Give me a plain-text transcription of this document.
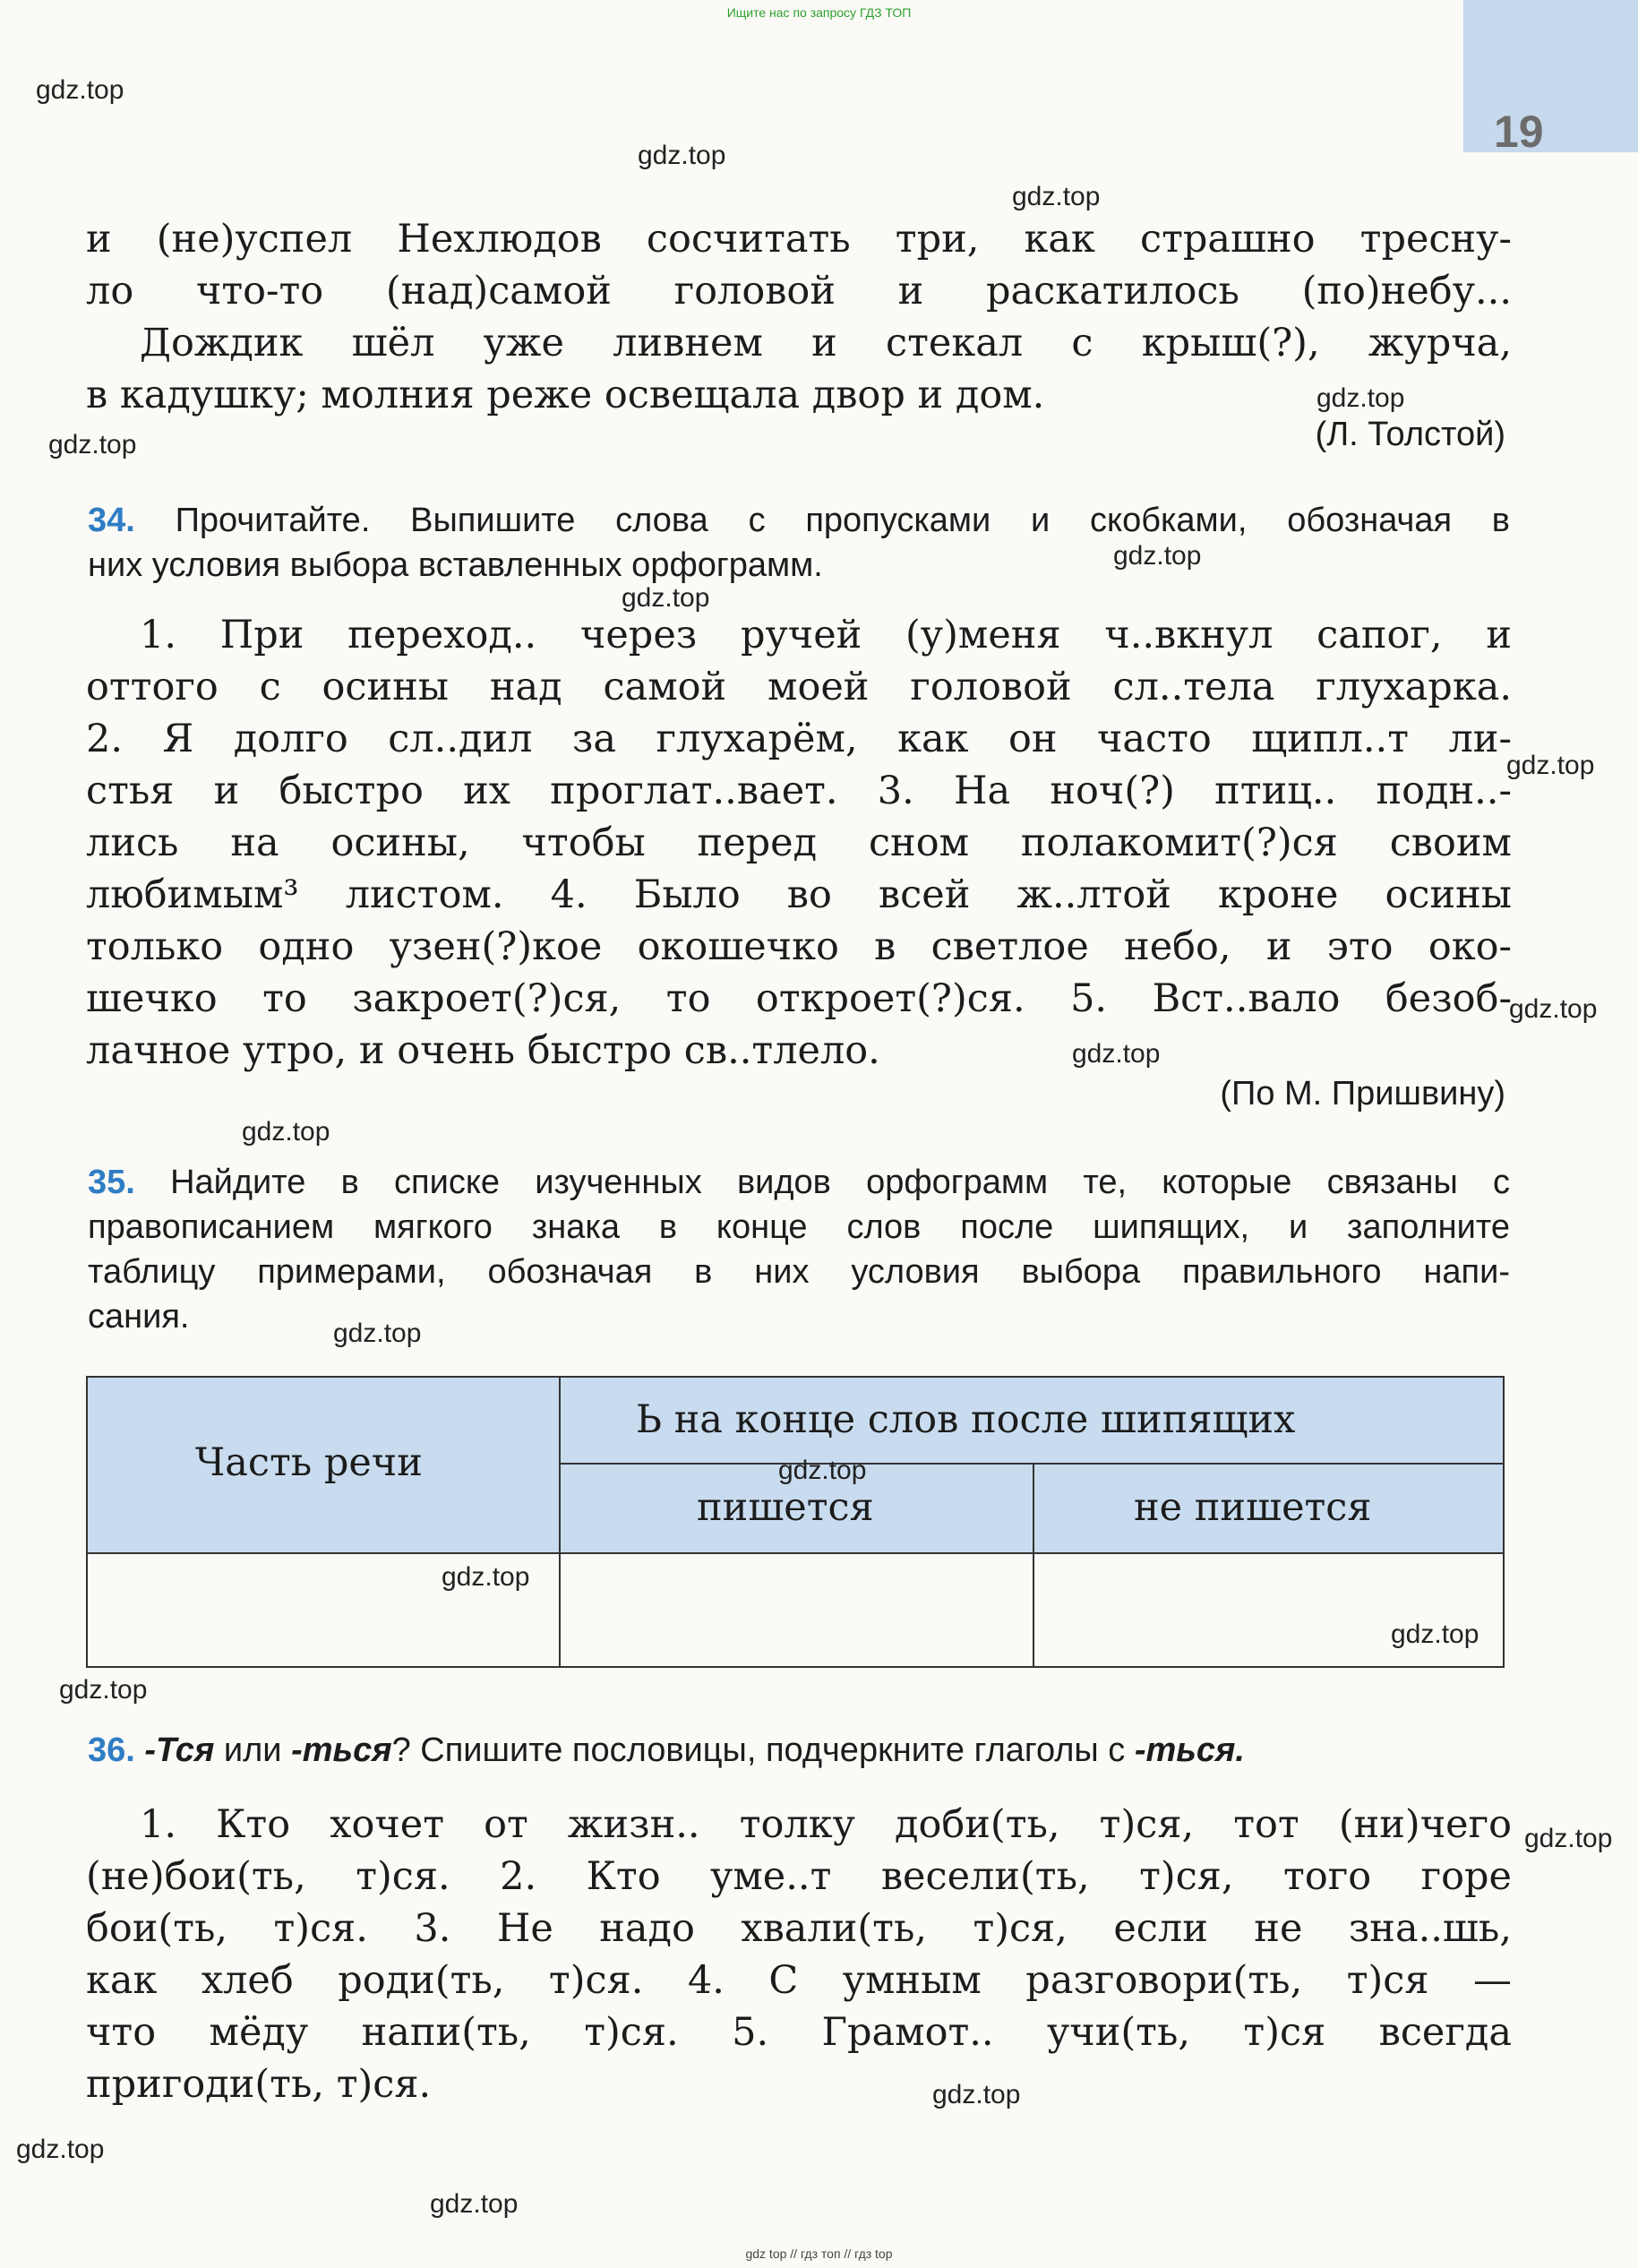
Ищите нас по запросу ГДЗ ТОП
19
и (не)успел Нехлюдов сосчитать три, как страшно тресну-
ло что-то (над)самой головой и раскатилось (по)небу...
Дождик шёл уже ливнем и стекал с крыш(?), журча,
в кадушку; молния реже освещала двор и дом.
(Л. Толстой)
34. Прочитайте. Выпишите слова с пропусками и скобками, обозначая в
них условия выбора вставленных орфограмм.
1. При переход.. через ручей (у)меня ч..вкнул сапог, и
оттого с осины над самой моей головой сл..тела глухарка.
2. Я долго сл..дил за глухарём, как он часто щипл..т ли-
стья и быстро их проглат..вает. 3. На ноч(?) птиц.. подн..-
лись на осины, чтобы перед сном полакомит(?)ся своим
любимым³ листом. 4. Было во всей ж..лтой кроне осины
только одно узен(?)кое окошечко в светлое небо, и это око-
шечко то закроет(?)ся, то откроет(?)ся. 5. Вст..вало безоб-
лачное утро, и очень быстро св..тлело.
(По М. Пришвину)
35. Найдите в списке изученных видов орфограмм те, которые связаны с
правописанием мягкого знака в конце слов после шипящих, и заполните
таблицу примерами, обозначая в них условия выбора правильного напи-
сания.
Часть речи
Ь на конце слов после шипящих
пишется	не пишется
36. -Тся или -ться? Спишите пословицы, подчеркните глаголы с -ться.
1. Кто хочет от жизн.. толку доби(ть, т)ся, тот (ни)чего
(не)бои(ть, т)ся. 2. Кто уме..т весели(ть, т)ся, того горе
бои(ть, т)ся. 3. Не надо хвали(ть, т)ся, если не зна..шь,
как хлеб роди(ть, т)ся. 4. С умным разговори(ть, т)ся —
что мёду напи(ть, т)ся. 5. Грамот.. учи(ть, т)ся всегда
пригоди(ть, т)ся.
gdz.top
gdz.top
gdz.top
gdz.top
gdz.top
gdz.top
gdz.top
gdz.top
gdz.top
gdz.top
gdz.top
gdz.top
gdz.top
gdz.top
gdz.top
gdz.top
gdz.top
gdz.top
gdz.top
gdz.top
gdz top // гдз топ // гдз top
